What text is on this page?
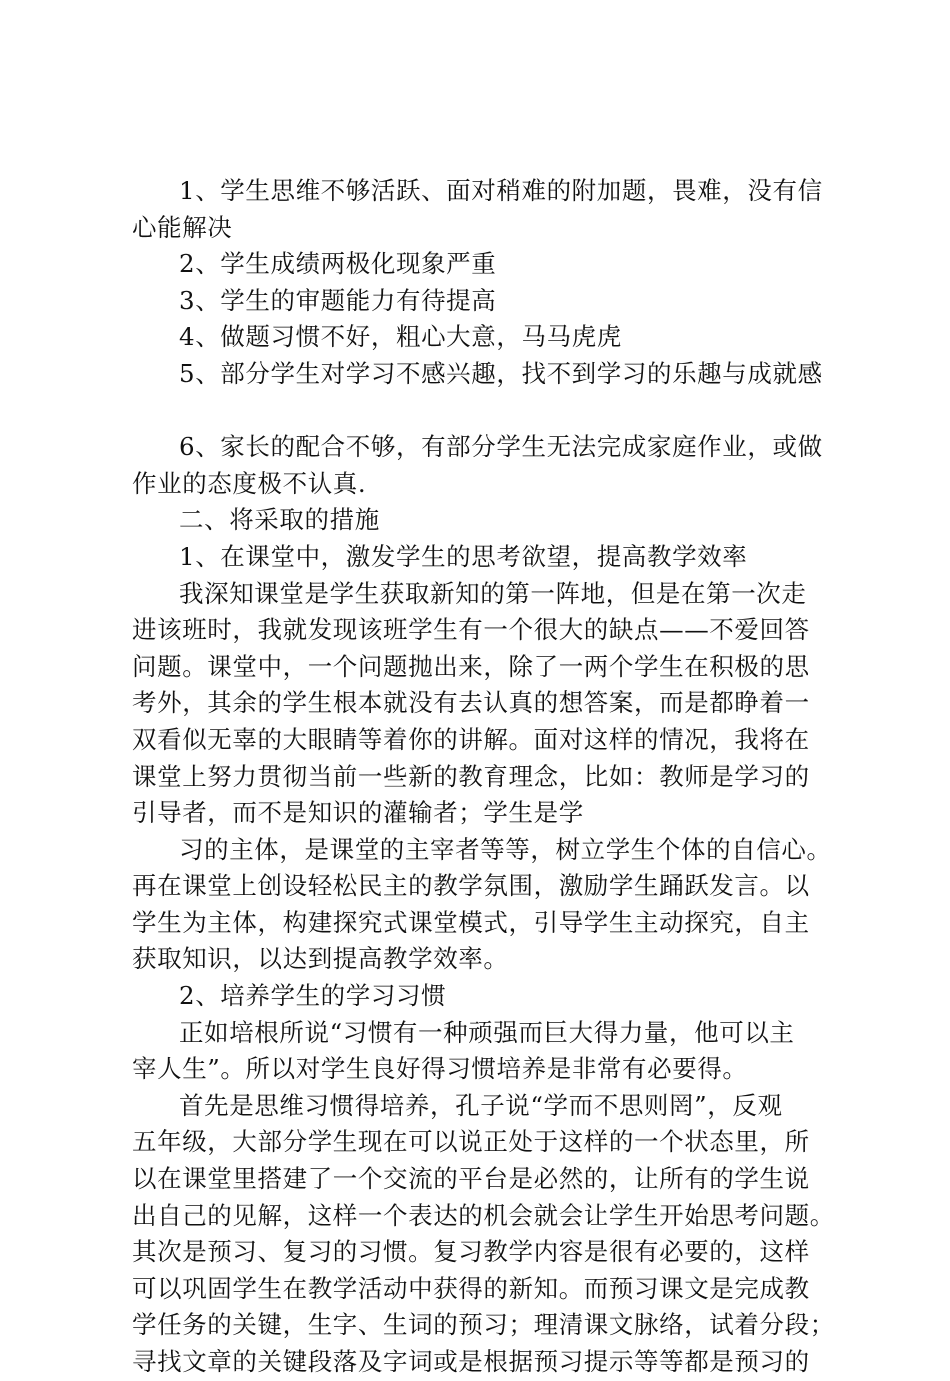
1、学生思维不够活跃、面对稍难的附加题，畏难，没有信
心能解决
2、学生成绩两极化现象严重
3、学生的审题能力有待提高
4、做题习惯不好，粗心大意，马马虎虎
5、部分学生对学习不感兴趣，找不到学习的乐趣与成就感
6、家长的配合不够，有部分学生无法完成家庭作业，或做
作业的态度极不认真.
二、将采取的措施
1、在课堂中，激发学生的思考欲望，提高教学效率
我深知课堂是学生获取新知的第一阵地，但是在第一次走
进该班时，我就发现该班学生有一个很大的缺点——不爱回答
问题。课堂中，一个问题抛出来，除了一两个学生在积极的思
考外，其余的学生根本就没有去认真的想答案，而是都睁着一
双看似无辜的大眼睛等着你的讲解。面对这样的情况，我将在
课堂上努力贯彻当前一些新的教育理念，比如：教师是学习的
引导者，而不是知识的灌输者；学生是学
习的主体，是课堂的主宰者等等，树立学生个体的自信心。
再在课堂上创设轻松民主的教学氛围，激励学生踊跃发言。以
学生为主体，构建探究式课堂模式，引导学生主动探究，自主
获取知识，以达到提高教学效率。
2、培养学生的学习习惯
正如培根所说“习惯有一种顽强而巨大得力量，他可以主
宰人生”。所以对学生良好得习惯培养是非常有必要得。
首先是思维习惯得培养，孔子说“学而不思则罔”，反观
五年级，大部分学生现在可以说正处于这样的一个状态里，所
以在课堂里搭建了一个交流的平台是必然的，让所有的学生说
出自己的见解，这样一个表达的机会就会让学生开始思考问题。
其次是预习、复习的习惯。复习教学内容是很有必要的，这样
可以巩固学生在教学活动中获得的新知。而预习课文是完成教
学任务的关键，生字、生词的预习；理清课文脉络，试着分段；
寻找文章的关键段落及字词或是根据预习提示等等都是预习的
